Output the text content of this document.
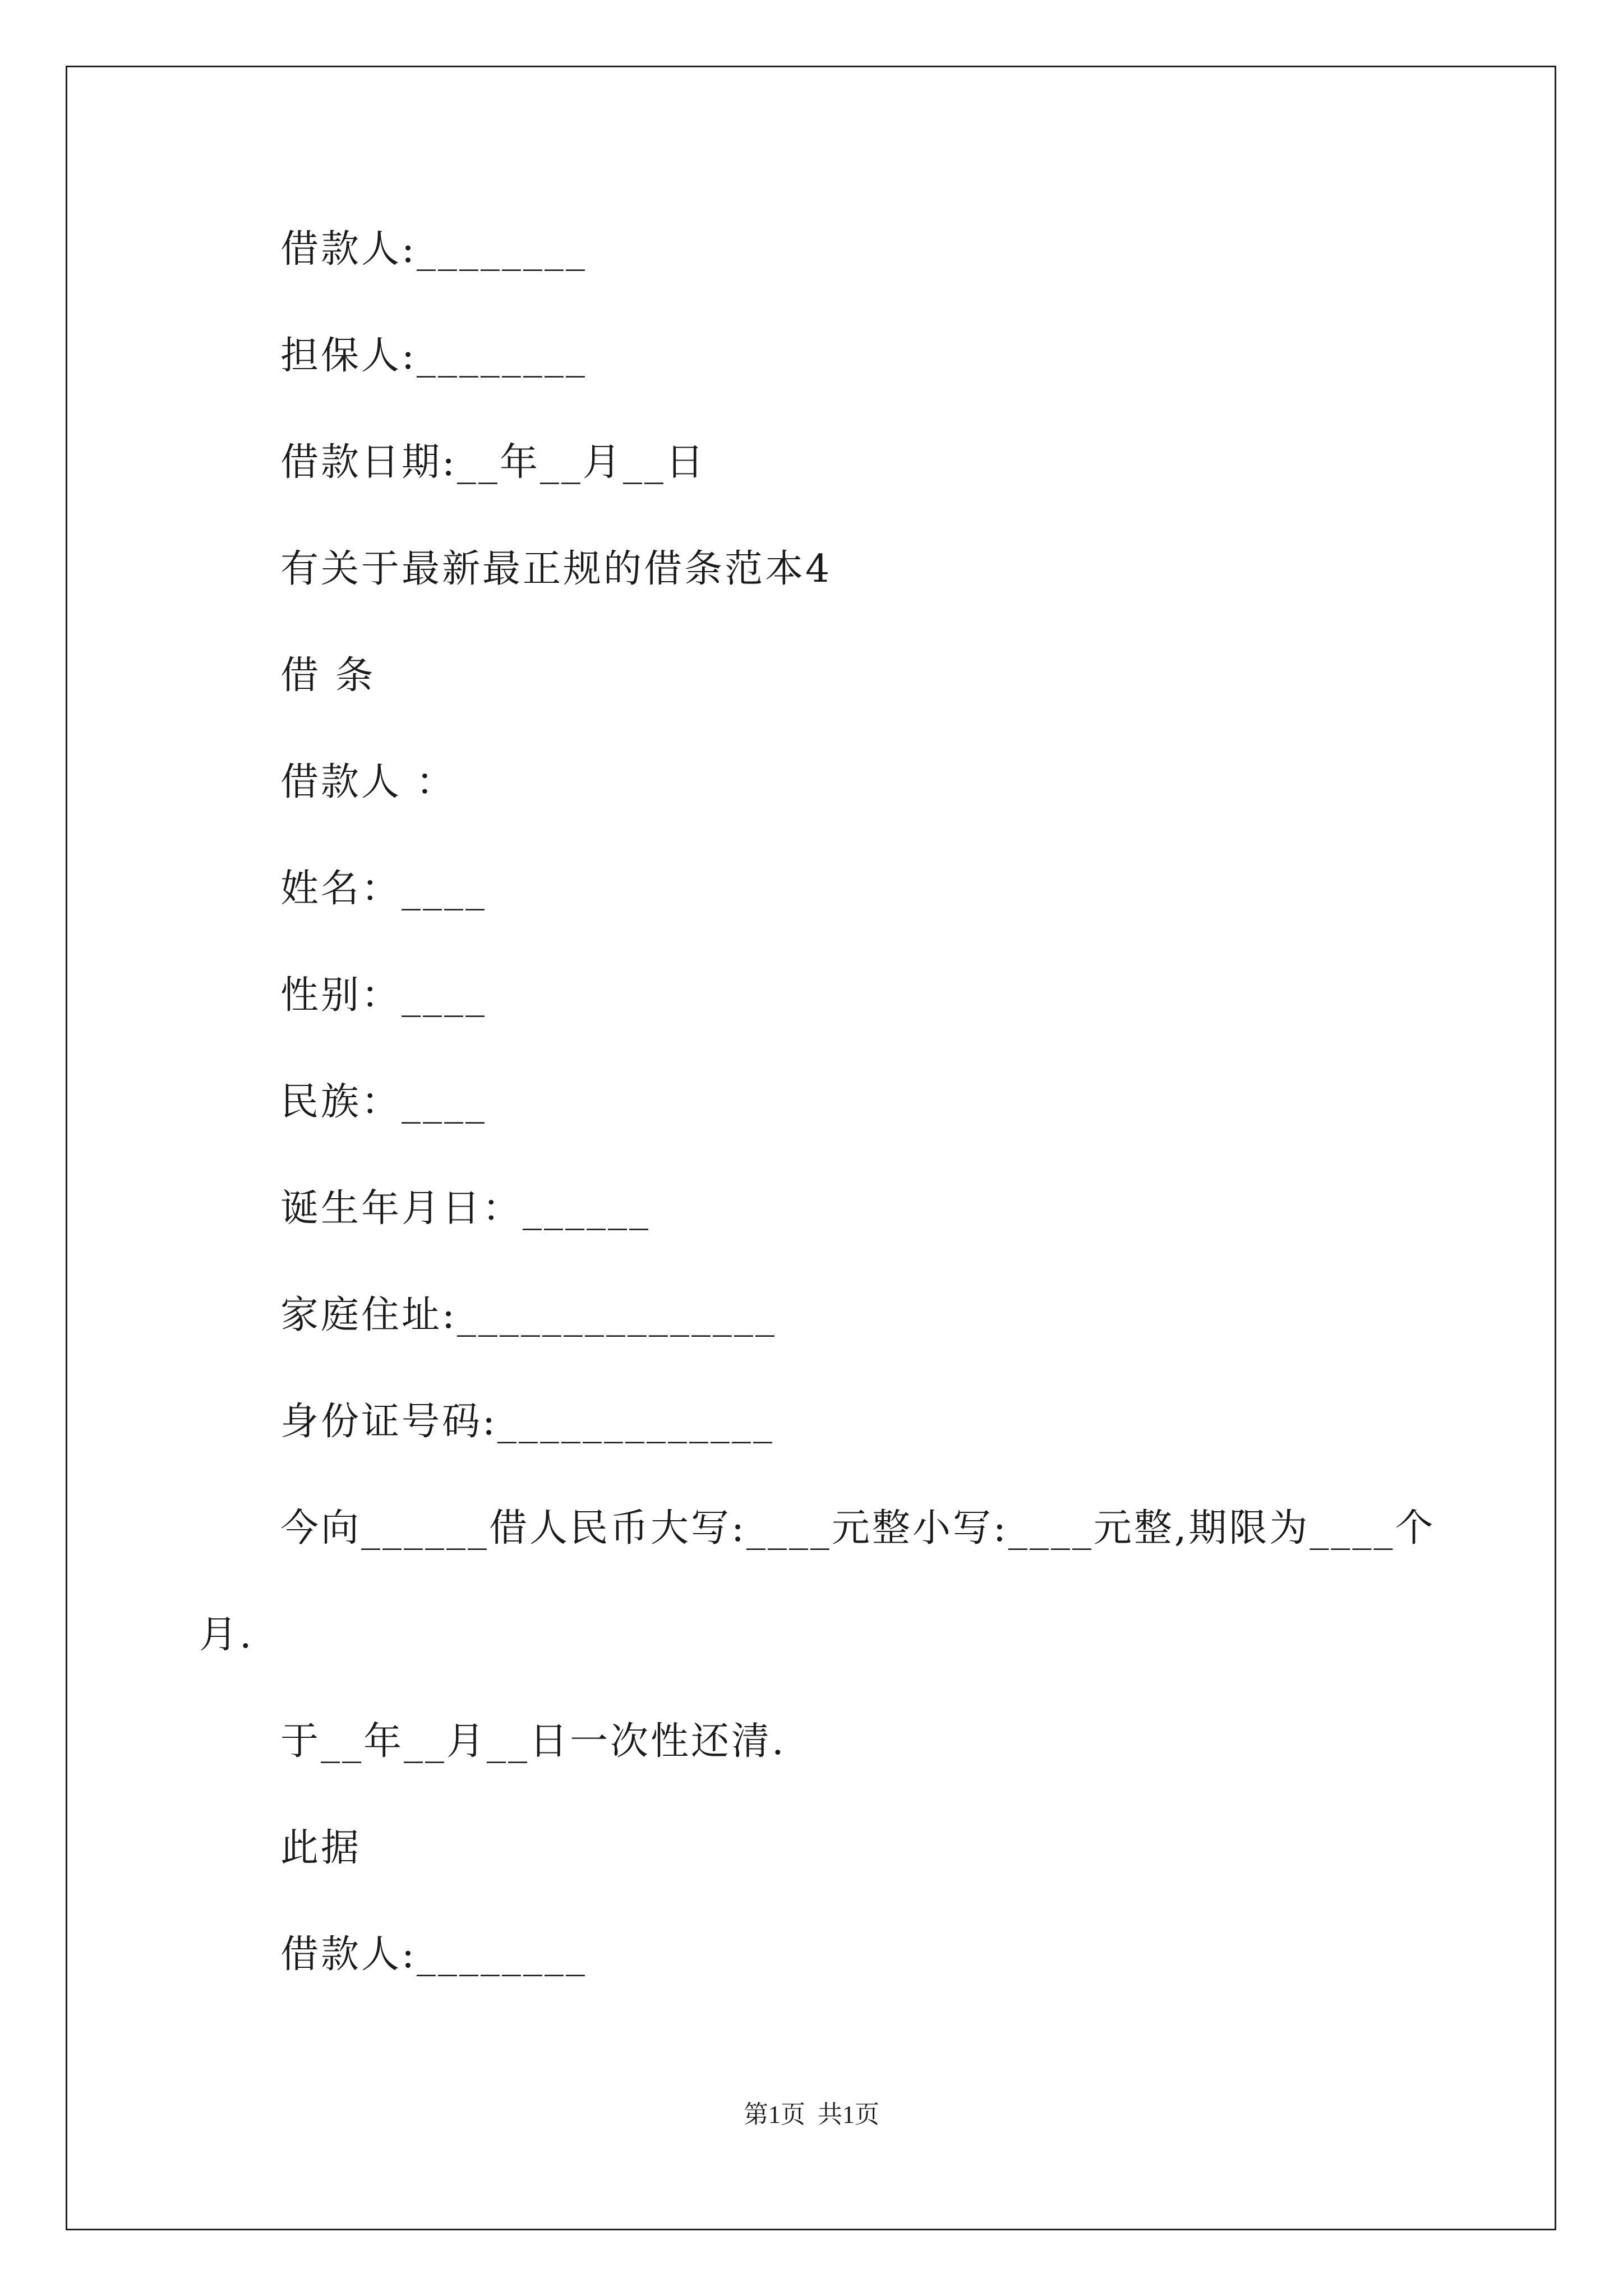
借款人:________
担保人:________
借款日期:__年__月__日
有关于最新最正规的借条范本4
借 条
借款人 ：
姓名：____
性别：____
民族：____
诞生年月日：______
家庭住址:_______________
身份证号码:_____________
今向______借人民币大写:____元整小写:____元整,期限为____个
月.
于__年__月__日一次性还清.
此据
借款人:________
第1页  共1页
